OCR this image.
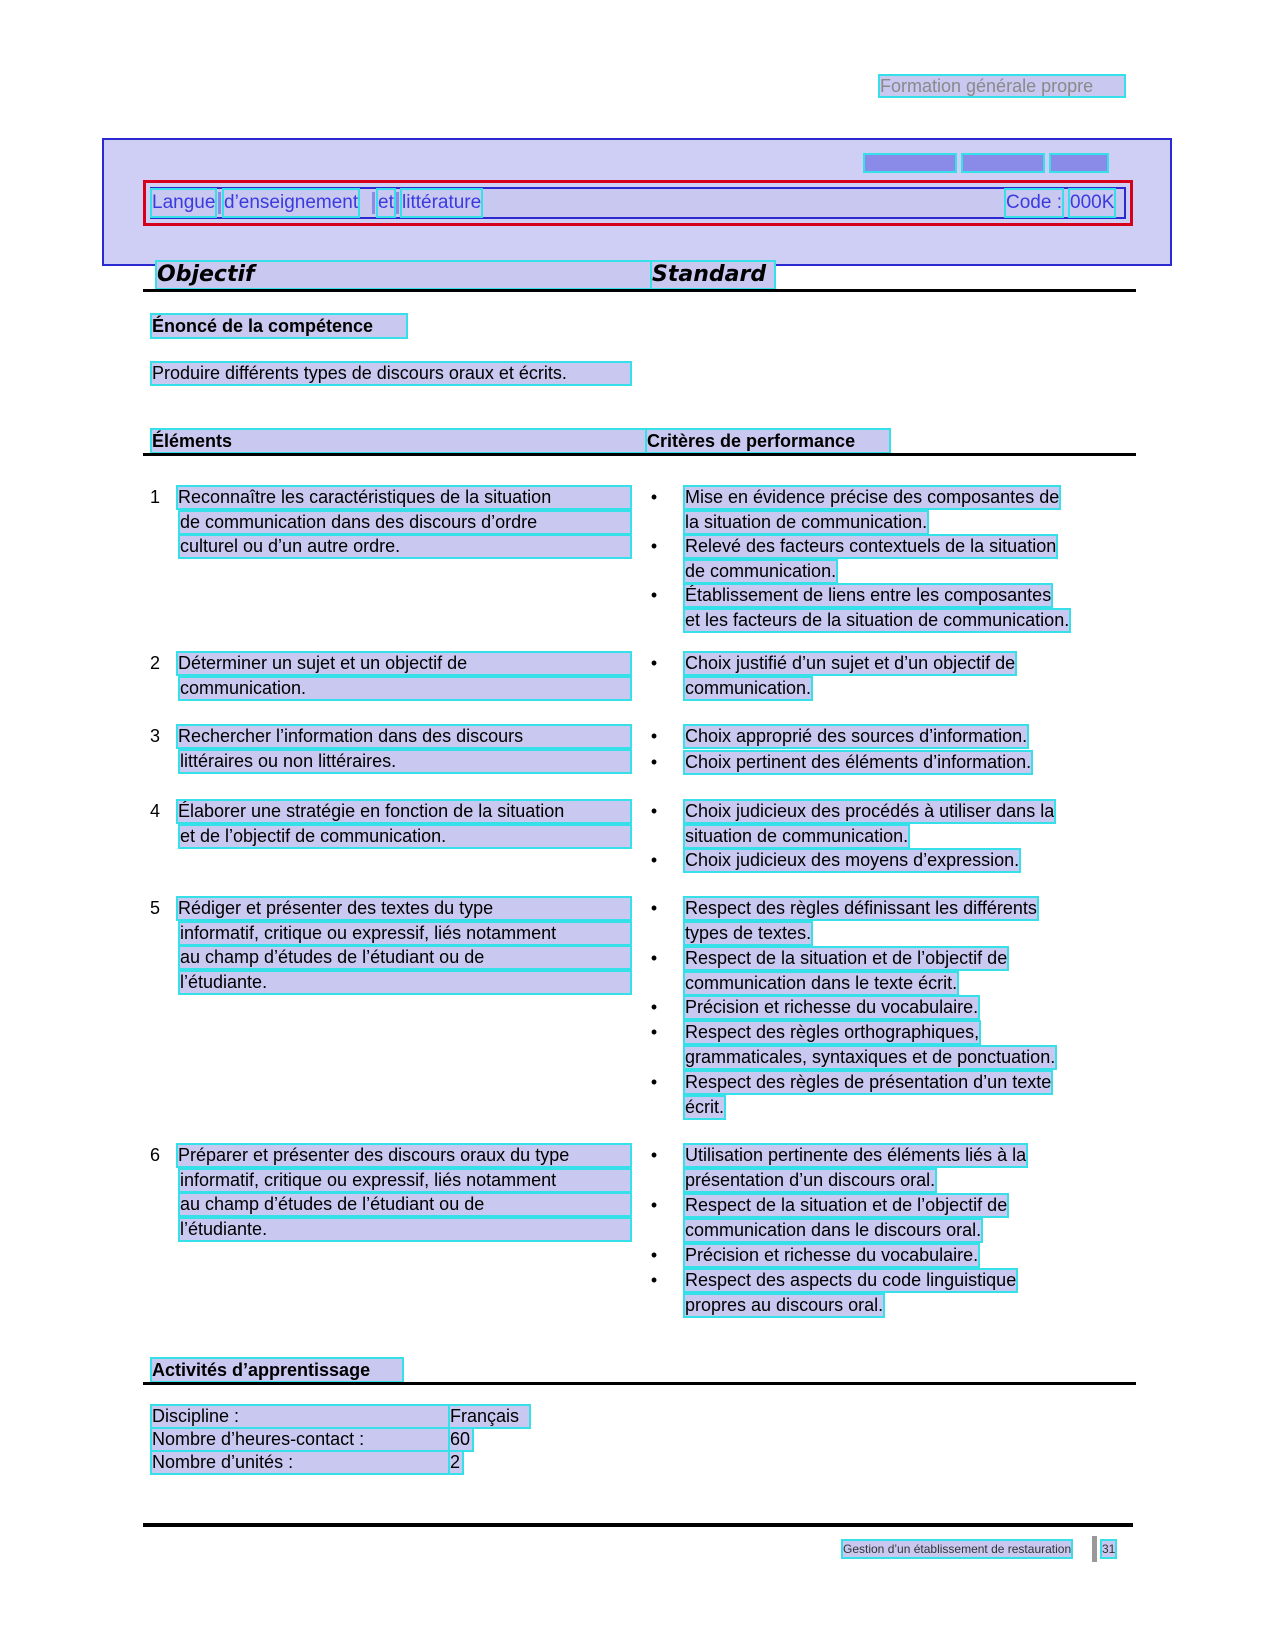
Formation générale propre
Langue d’enseignement et littérature	Code : 000K
Objectif	Standard
Énoncé de la compétence
Produire différents types de discours oraux et écrits.
Éléments	Critères de performance
1 Reconnaître les caractéristiques de la situation
de communication dans des discours d’ordre
culturel ou d’un autre ordre.
• Mise en évidence précise des composantes de
la situation de communication.
• Relevé des facteurs contextuels de la situation
de communication.
• Établissement de liens entre les composantes
et les facteurs de la situation de communication.
2 Déterminer un sujet et un objectif de
communication.
• Choix justifié d’un sujet et d’un objectif de
communication.
3 Rechercher l’information dans des discours
littéraires ou non littéraires.
• Choix approprié des sources d’information.
• Choix pertinent des éléments d’information.
4 Élaborer une stratégie en fonction de la situation
et de l’objectif de communication.
• Choix judicieux des procédés à utiliser dans la
situation de communication.
• Choix judicieux des moyens d’expression.
5 Rédiger et présenter des textes du type
informatif, critique ou expressif, liés notamment
au champ d’études de l’étudiant ou de
l’étudiante.
• Respect des règles définissant les différents
types de textes.
• Respect de la situation et de l’objectif de
communication dans le texte écrit.
• Précision et richesse du vocabulaire.
• Respect des règles orthographiques,
grammaticales, syntaxiques et de ponctuation.
• Respect des règles de présentation d’un texte
écrit.
6 Préparer et présenter des discours oraux du type
informatif, critique ou expressif, liés notamment
au champ d’études de l’étudiant ou de
l’étudiante.
• Utilisation pertinente des éléments liés à la
présentation d’un discours oral.
• Respect de la situation et de l’objectif de
communication dans le discours oral.
• Précision et richesse du vocabulaire.
• Respect des aspects du code linguistique
propres au discours oral.
Activités d’apprentissage
Discipline :	Français
Nombre d’heures-contact :	60
Nombre d’unités :	2
Gestion d’un établissement de restauration	31
